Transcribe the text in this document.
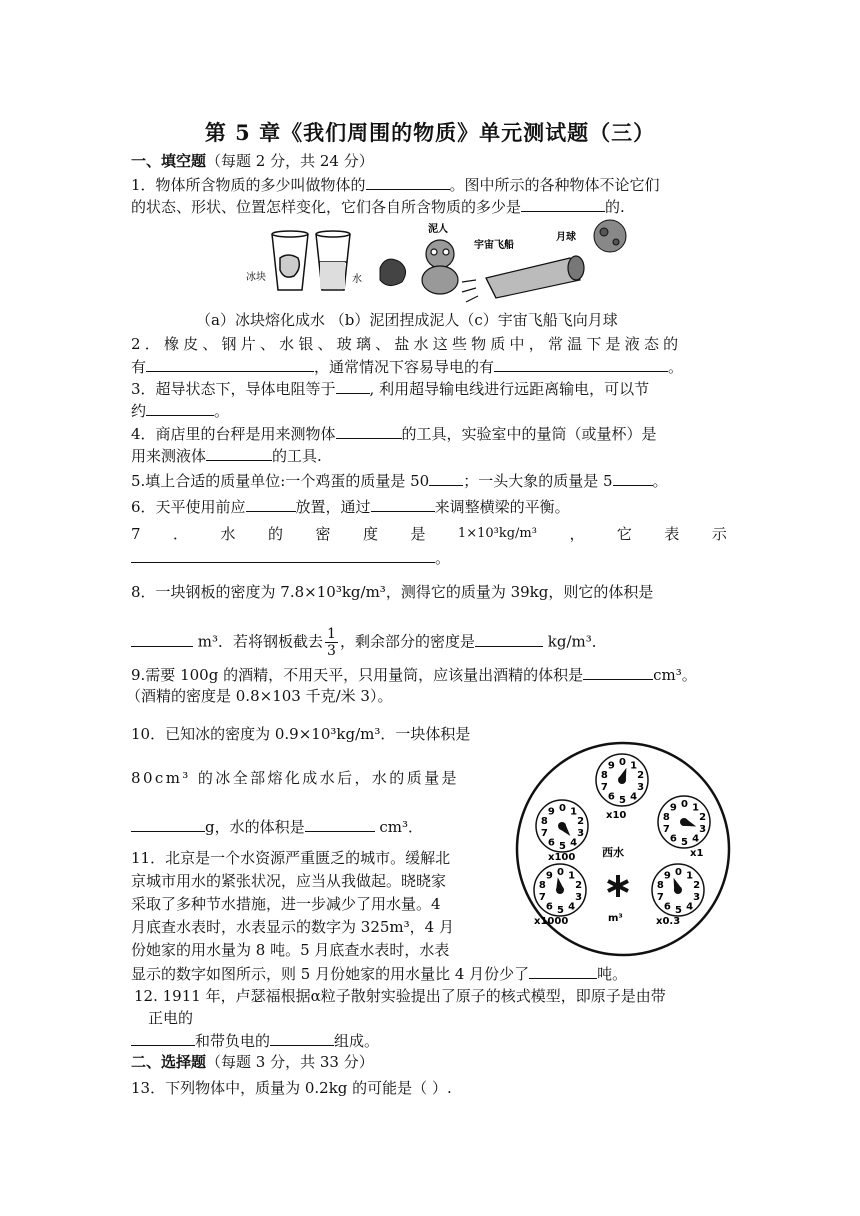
第 5 章《我们周围的物质》单元测试题（三）
一、填空题（每题 2 分，共 24 分）
1．物体所含物质的多少叫做物体的	。图中所示的各种物体不论它们
的状态、形状、位置怎样变化，它们各自所含物质的多少是	的.
冰块	水
泥人
宇宙飞船
月球
（a）冰块熔化成水 （b）泥团捏成泥人（c）宇宙飞船飞向月球
2．橡皮、钢片、水银、玻璃、盐水这些物质中，常温下是液态的
有	，通常情况下容易导电的有	。
3．超导状态下，导体电阻等于 , 利用超导输电线进行远距离输电，可以节
约	。
4．商店里的台秤是用来测物体	的工具，实验室中的量筒（或量杯）是
用来测液体	的工具.
5.填上合适的质量单位:一个鸡蛋的质量是 50 ；一头大象的质量是 5	。
6．天平使用前应	放置，通过	来调整横梁的平衡。
7 ． 水 的 密 度 是 1×10³kg/m³ ， 它 表 示
。
8．一块钢板的密度为 7.8×10³kg/m³，测得它的质量为 39kg，则它的体积是
m³．若将钢板截去 $\frac{1}{3}$ ，剩余部分的密度是	kg/m³．
9.需要 100g 的酒精，不用天平，只用量筒，应该量出酒精的体积是	cm³。
（酒精的密度是 0.8×103 千克/米 3）。
10．已知冰的密度为 0.9×10³kg/m³．一块体积是
80cm³ 的冰全部熔化成水后，水的质量是
g，水的体积是	cm³．
11．北京是一个水资源严重匮乏的城市。缓解北
京城市用水的紧张状况，应当从我做起。晓晓家
采取了多种节水措施，进一步减少了用水量。4
月底查水表时，水表显示的数字为 325m³，4 月
份她家的用水量为 8 吨。5 月底查水表时，水表
显示的数字如图所示，则 5 月份她家的用水量比 4 月份少了	吨。
0 1
2
3
4
5
6
7
8
9
0 1
2
3
4
5
6
7
8
9
0 1
2
3
4
5
6
7
8
9
0 1
2
3
4
5
6
7
8
9	0 1
2
3
4
5
6
7
8
9
西水
m³
x10
x1
x100
x1000	x0.3
12. 1911 年，卢瑟福根据α粒子散射实验提出了原子的核式模型，即原子是由带
正电的
和带负电的	组成。
二、选择题（每题 3 分，共 33 分）
13．下列物体中，质量为 0.2kg 的可能是（ ）.
